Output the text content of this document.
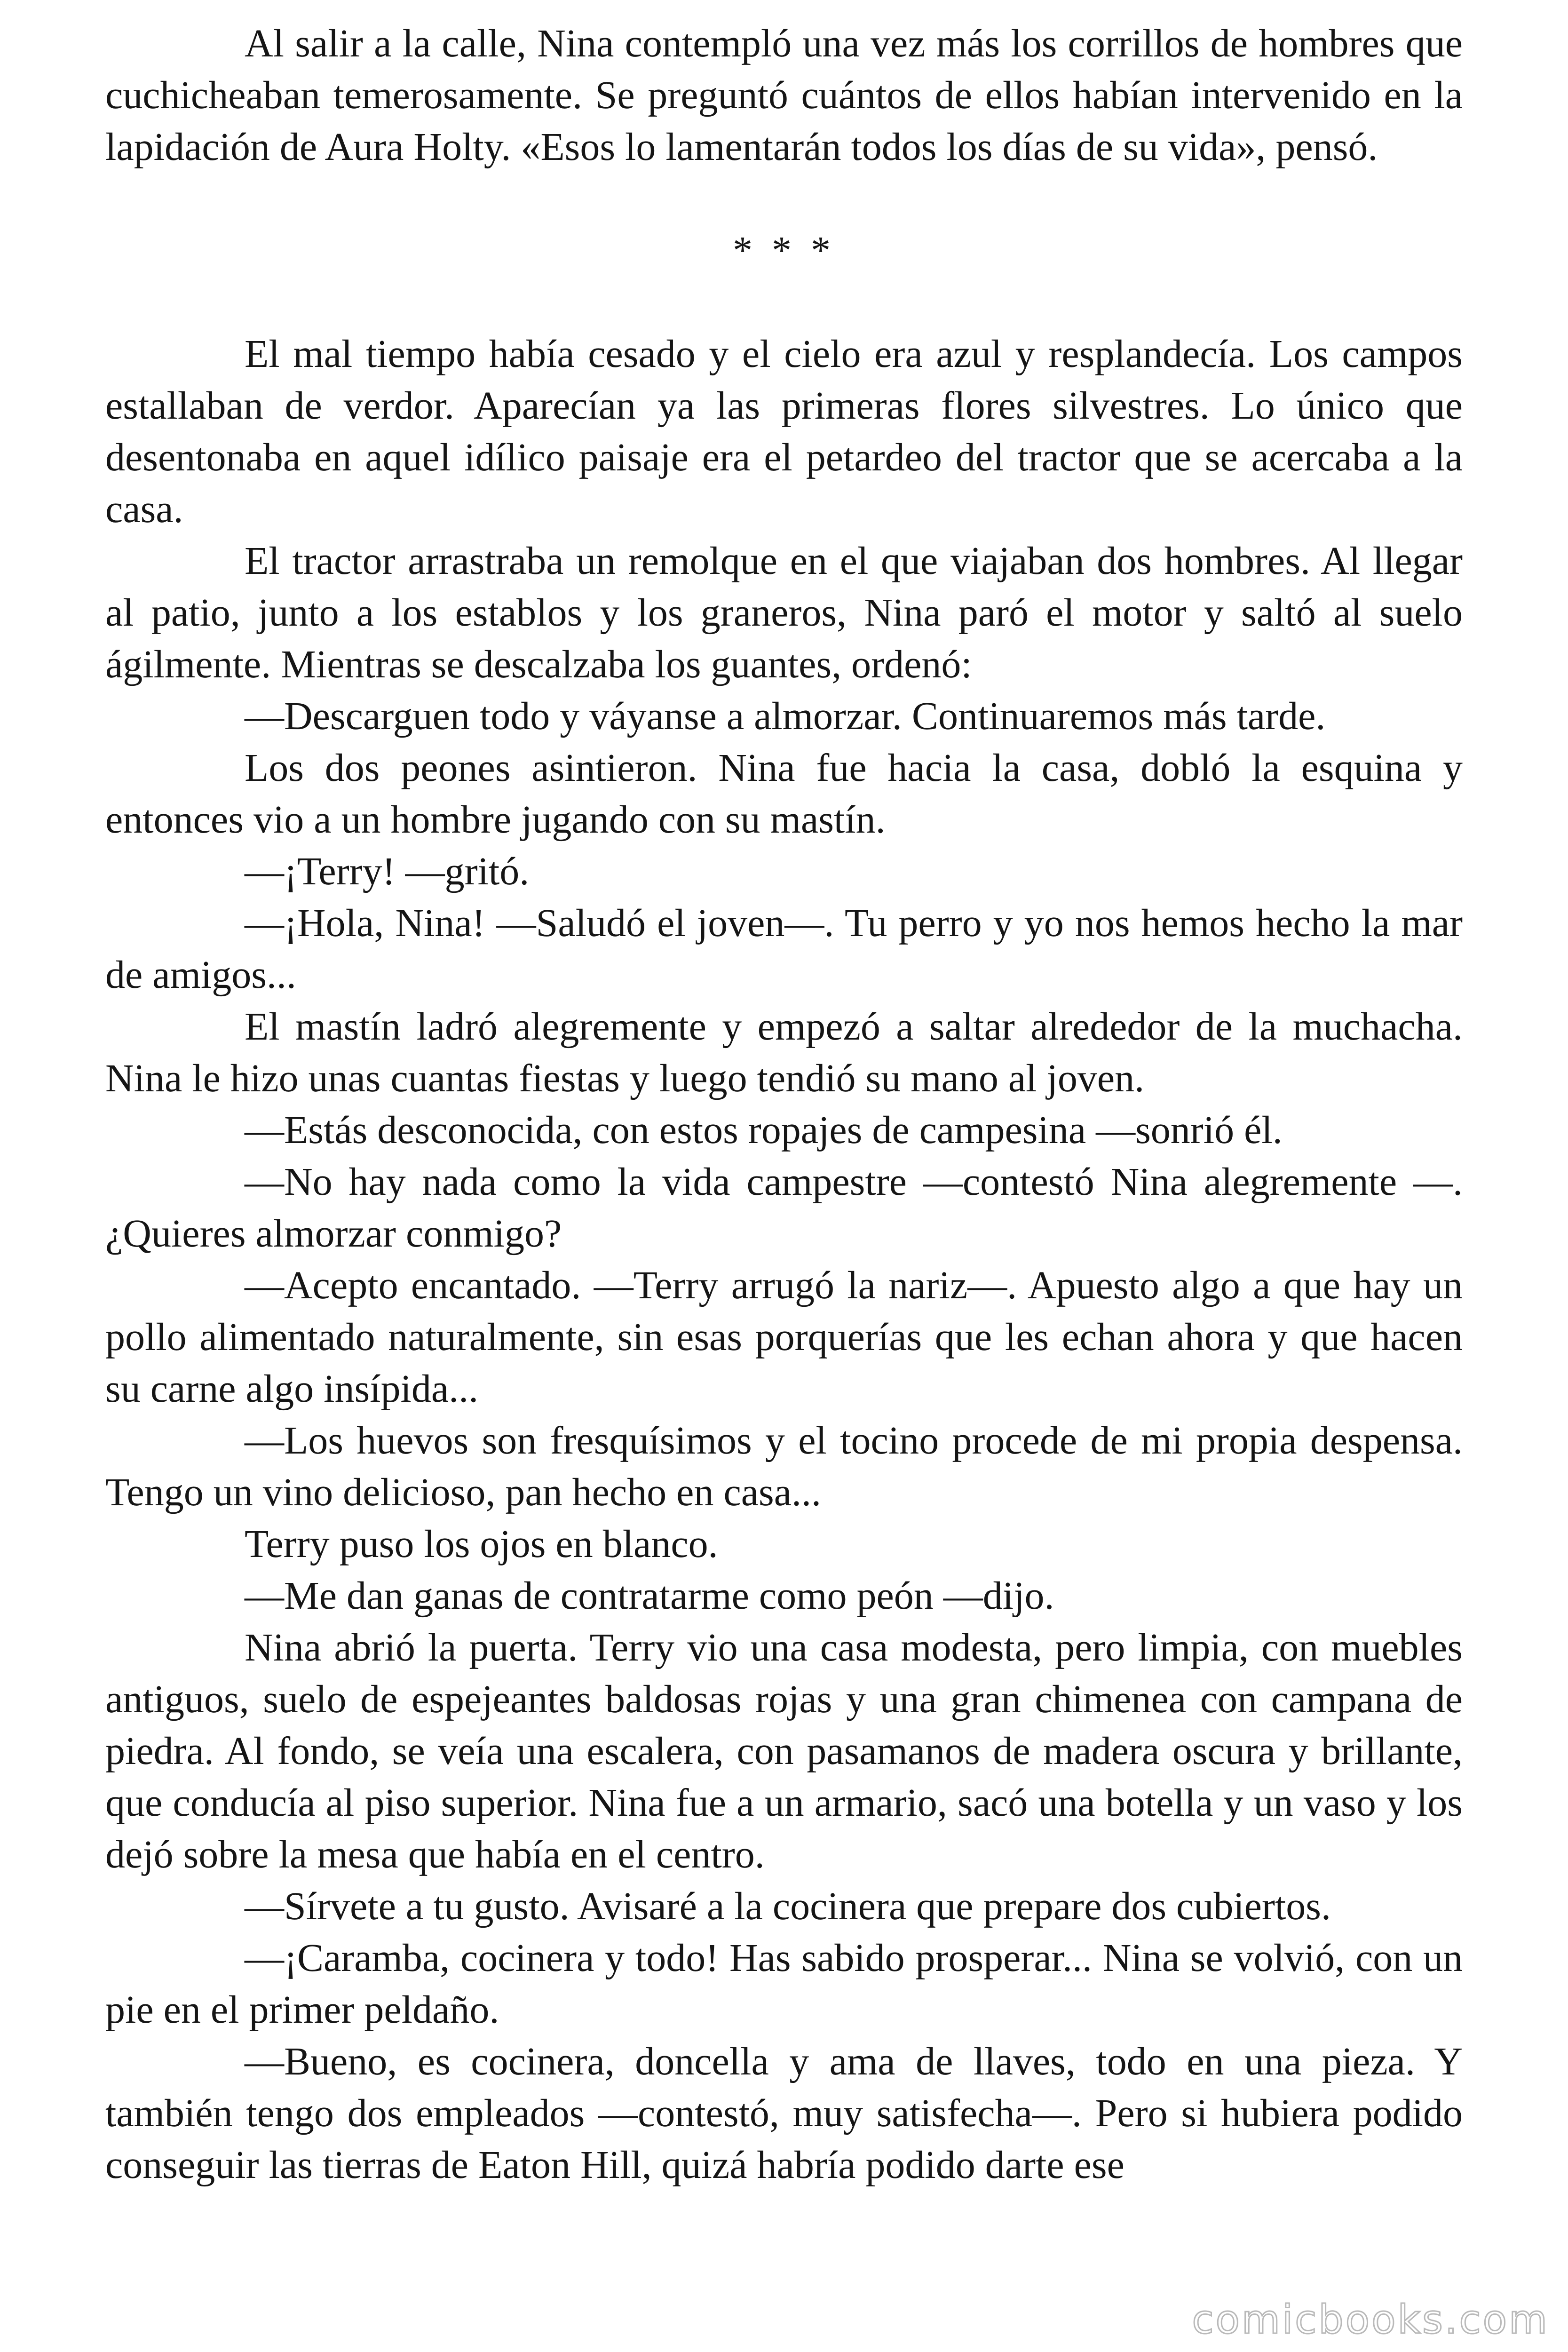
Al salir a la calle, Nina contempló una vez más los corrillos de hombres que cuchicheaban temerosamente. Se preguntó cuántos de ellos habían intervenido en la lapidación de Aura Holty. «Esos lo lamentarán todos los días de su vida», pensó.

* * *

El mal tiempo había cesado y el cielo era azul y resplandecía. Los campos estallaban de verdor. Aparecían ya las primeras flores silvestres. Lo único que desentonaba en aquel idílico paisaje era el petardeo del tractor que se acercaba a la casa.

El tractor arrastraba un remolque en el que viajaban dos hombres. Al llegar al patio, junto a los establos y los graneros, Nina paró el motor y saltó al suelo ágilmente. Mientras se descalzaba los guantes, ordenó:

—Descarguen todo y váyanse a almorzar. Continuaremos más tarde.

Los dos peones asintieron. Nina fue hacia la casa, dobló la esquina y entonces vio a un hombre jugando con su mastín.

—¡Terry! —gritó.

—¡Hola, Nina! —Saludó el joven—. Tu perro y yo nos hemos hecho la mar de amigos...

El mastín ladró alegremente y empezó a saltar alrededor de la muchacha. Nina le hizo unas cuantas fiestas y luego tendió su mano al joven.

—Estás desconocida, con estos ropajes de campesina —sonrió él.

—No hay nada como la vida campestre —contestó Nina alegremente —. ¿Quieres almorzar conmigo?

—Acepto encantado. —Terry arrugó la nariz—. Apuesto algo a que hay un pollo alimentado naturalmente, sin esas porquerías que les echan ahora y que hacen su carne algo insípida...

—Los huevos son fresquísimos y el tocino procede de mi propia despensa. Tengo un vino delicioso, pan hecho en casa...

Terry puso los ojos en blanco.

—Me dan ganas de contratarme como peón —dijo.

Nina abrió la puerta. Terry vio una casa modesta, pero limpia, con muebles antiguos, suelo de espejeantes baldosas rojas y una gran chimenea con campana de piedra. Al fondo, se veía una escalera, con pasamanos de madera oscura y brillante, que conducía al piso superior. Nina fue a un armario, sacó una botella y un vaso y los dejó sobre la mesa que había en el centro.

—Sírvete a tu gusto. Avisaré a la cocinera que prepare dos cubiertos.

—¡Caramba, cocinera y todo! Has sabido prosperar... Nina se volvió, con un pie en el primer peldaño.

—Bueno, es cocinera, doncella y ama de llaves, todo en una pieza. Y también tengo dos empleados —contestó, muy satisfecha—. Pero si hubiera podido conseguir las tierras de Eaton Hill, quizá habría podido darte ese

comicbooks.com
